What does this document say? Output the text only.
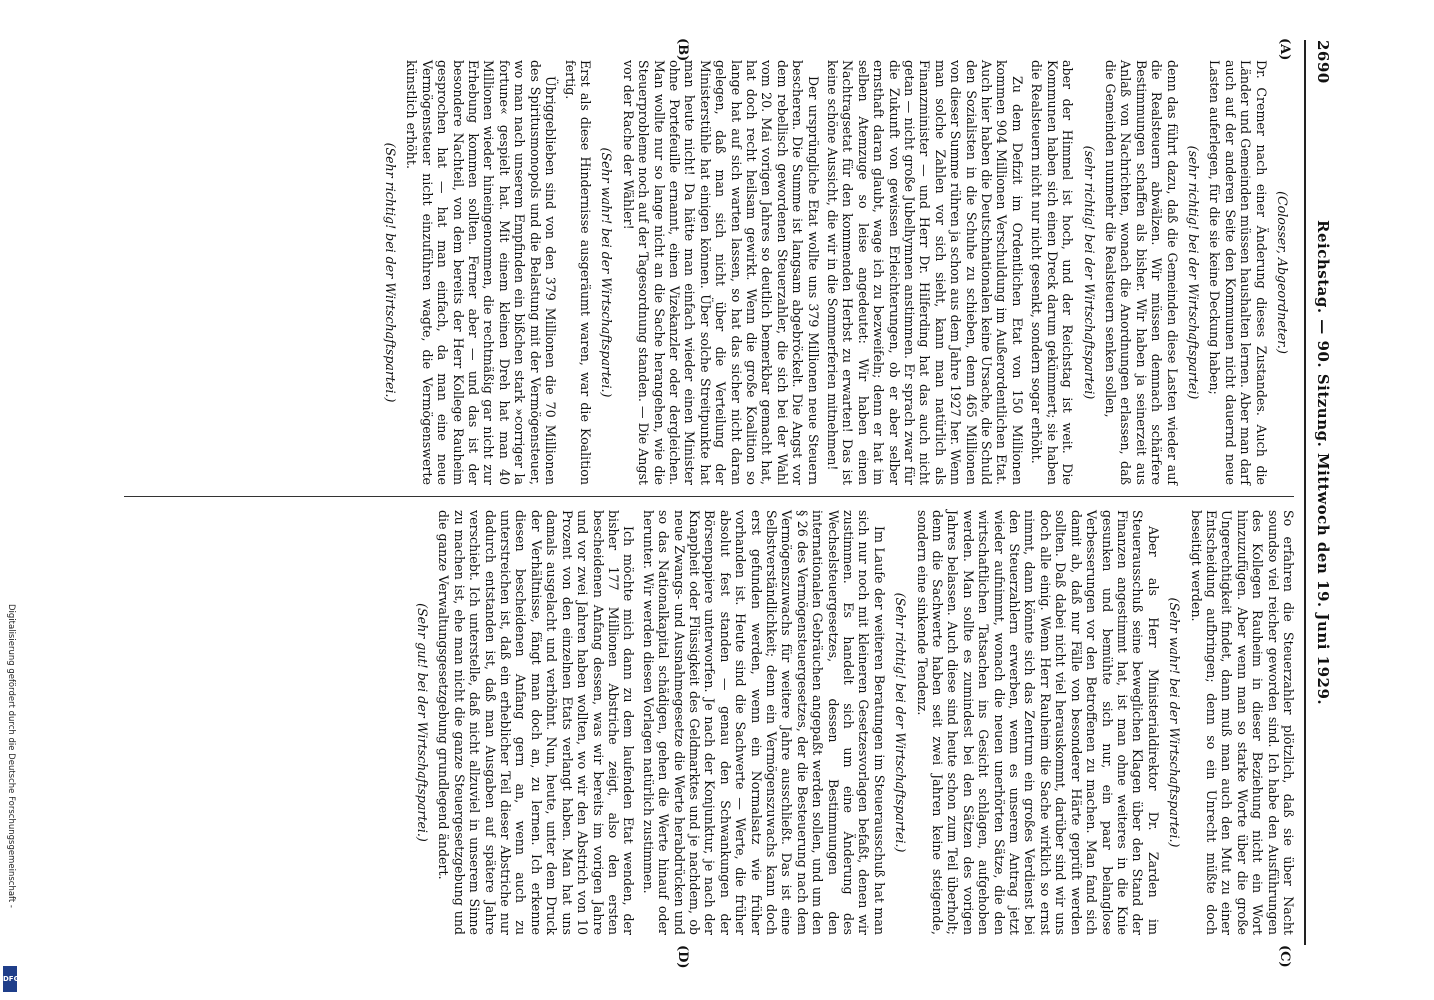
2690
Reichstag. — 90. Sitzung. Mittwoch den 19. Juni 1929.
(A)
(B)
(C)
(D)

(Colosser, Abgeordneter.)

Dr. Cremer nach einer Änderung dieses Zustandes. Auch die Länder und Gemeinden müssen haushalten lernen. Aber man darf auch auf der anderen Seite den Kommunen nicht dauernd neue Lasten auferlegen, für die sie keine Deckung haben;

(sehr richtig! bei der Wirtschaftspartei)

denn das führt dazu, daß die Gemeinden diese Lasten wieder auf die Realsteuern abwälzen. Wir müssen demnach schärfere Bestimmungen schaffen als bisher. Wir haben ja seinerzeit aus Anlaß von Nachrichten, wonach die Anordnungen erlassen, daß die Gemeinden nunmehr die Realsteuern senken sollen,

(sehr richtig! bei der Wirtschaftspartei)

aber der Himmel ist hoch, und der Reichstag ist weit. Die Kommunen haben sich einen Dreck darum gekümmert; sie haben die Realsteuern nicht nur nicht gesenkt, sondern sogar erhöht.

Zu dem Defizit im Ordentlichen Etat von 150 Millionen kommen 904 Millionen Verschuldung im Außerordentlichen Etat. Auch hier haben die Deutschnationalen keine Ursache, die Schuld den Sozialisten in die Schuhe zu schieben, denn 465 Millionen von dieser Summe rühren ja schon aus dem Jahre 1927 her. Wenn man solche Zahlen vor sich sieht, kann man natürlich als Finanzminister — und Herr Dr. Hilferding hat das auch nicht getan — nicht große Jubelhymnen anstimmen. Er sprach zwar für die Zukunft von gewissen Erleichterungen, ob er aber selber ernsthaft daran glaubt, wage ich zu bezweifeln; denn er hat im selben Atemzuge so leise angedeutet: Wir haben einen Nachtragsetat für den kommenden Herbst zu erwarten! Das ist keine schöne Aussicht, die wir in die Sommerferien mitnehmen!

Der ursprüngliche Etat wollte uns 379 Millionen neue Steuern bescheren. Die Summe ist langsam abgebröckelt. Die Angst vor dem rebellisch gewordenen Steuerzahler, die sich bei der Wahl vom 20. Mai vorigen Jahres so deutlich bemerkbar gemacht hat, hat doch recht heilsam gewirkt. Wenn die große Koalition so lange hat auf sich warten lassen, so hat das sicher nicht daran gelegen, daß man sich nicht über die Verteilung der Ministerstühle hat einigen können. Über solche Streitpunkte hat man heute nicht! Da hätte man einfach wieder einen Minister ohne Portefeuille ernannt, einen Vizekanzler oder dergleichen. Man wollte nur so lange nicht an die Sache herangehen, wie die Steuerprobleme noch auf der Tagesordnung standen. — Die Angst vor der Rache der Wähler!

(Sehr wahr! bei der Wirtschaftspartei.)

Erst als diese Hindernisse ausgeräumt waren, war die Koalition fertig.

Übriggeblieben sind von den 379 Millionen die 70 Millionen des Spiritusmonopols und die Belastung mit der Vermögensteuer, wo man nach unserem Empfinden ein bißchen stark »corriger la fortune« gespielt hat. Mit einem kleinen Dreh hat man 40 Millionen wieder hineingenommen, die rechtmäßig gar nicht zur Erhebung kommen sollten. Ferner aber — und das ist der besondere Nachteil, von dem bereits der Herr Kollege Rauheim gesprochen hat — hat man einfach, da man eine neue Vermögensteuer nicht einzuführen wagte, die Vermögenswerte künstlich erhöht.

(Sehr richtig! bei der Wirtschaftspartei.)

So erfahren die Steuerzahler plötzlich, daß sie über Nacht soundso viel reicher geworden sind. Ich habe den Ausführungen des Kollegen Rauheim in dieser Beziehung nicht ein Wort hinzuzufügen. Aber wenn man so starke Worte über die große Ungerechtigkeit findet, dann muß man auch den Mut zu einer Entscheidung aufbringen; denn so ein Unrecht müßte doch beseitigt werden.

(Sehr wahr! bei der Wirtschaftspartei.)

Aber als Herr Ministerialdirektor Dr. Zarden im Steuerausschuß seine beweglichen Klagen über den Stand der Finanzen angestimmt hat, ist man ohne weiteres in die Knie gesunken und bemühte sich nur, ein paar belanglose Verbesserungen vor den Betroffenen zu machen. Man fand sich damit ab, daß nur Fälle von besonderer Härte geprüft werden sollten. Daß dabei nicht viel herauskommt, darüber sind wir uns doch alle einig. Wenn Herr Rauheim die Sache wirklich so ernst nimmt, dann könnte sich das Zentrum ein großes Verdienst bei den Steuerzahlern erwerben, wenn es unserem Antrag jetzt wieder aufnimmt, wonach die neuen unerhörten Sätze, die den wirtschaftlichen Tatsachen ins Gesicht schlagen, aufgehoben werden. Man sollte es zumindest bei den Sätzen des vorigen Jahres belassen. Auch diese sind heute schon zum Teil überholt; denn die Sachwerte haben seit zwei Jahren keine steigende, sondern eine sinkende Tendenz.

(Sehr richtig! bei der Wirtschaftspartei.)

Im Laufe der weiteren Beratungen im Steuerausschuß hat man sich nur noch mit kleineren Gesetzesvorlagen befaßt, denen wir zustimmen. Es handelt sich um eine Änderung des Wechselsteuergesetzes, dessen Bestimmungen den internationalen Gebräuchen angepaßt werden sollen, und um den § 26 des Vermögensteuergesetzes, der die Besteuerung nach dem Vermögenszuwachs für weitere Jahre ausschließt. Das ist eine Selbstverständlichkeit; denn ein Vermögenszuwachs kann doch erst gefunden werden, wenn ein Normalsatz wie früher vorhanden ist. Heute sind die Sachwerte — Werte, die früher absolut fest standen — genau den Schwankungen der Börsenpapiere unterworfen. Je nach der Konjunktur, je nach der Knappheit oder Flüssigkeit des Geldmarktes und je nachdem, ob neue Zwangs- und Ausnahmegesetze die Werte herabdrücken und so das Nationalkapital schädigen, gehen die Werte hinauf oder herunter. Wir werden diesen Vorlagen natürlich zustimmen.

Ich möchte mich dann zu dem laufenden Etat wenden, der bisher 177 Millionen Abstriche zeigt, also den ersten bescheidenen Anfang dessen, was wir bereits im vorigen Jahre und vor zwei Jahren haben wollten, wo wir den Abstrich von 10 Prozent von den einzelnen Etats verlangt haben. Man hat uns damals ausgelacht und verhöhnt. Nun, heute, unter dem Druck der Verhältnisse, fängt man doch an, zu lernen. Ich erkenne diesen bescheidenen Anfang gern an, wenn auch zu unterstreichen ist, daß ein erheblicher Teil dieser Abstriche nur dadurch entstanden ist, daß man Ausgaben auf spätere Jahre verschiebt. Ich unterstelle, daß nicht allzuviel in unserem Sinne zu machen ist, ehe man nicht die ganze Steuergesetzgebung und die ganze Verwaltungsgesetzgebung grundlegend ändert.

(Sehr gut! bei der Wirtschaftspartei.)

Digitalisierung gefördert durch die Deutsche Forschungsgemeinschaft -
DFG
